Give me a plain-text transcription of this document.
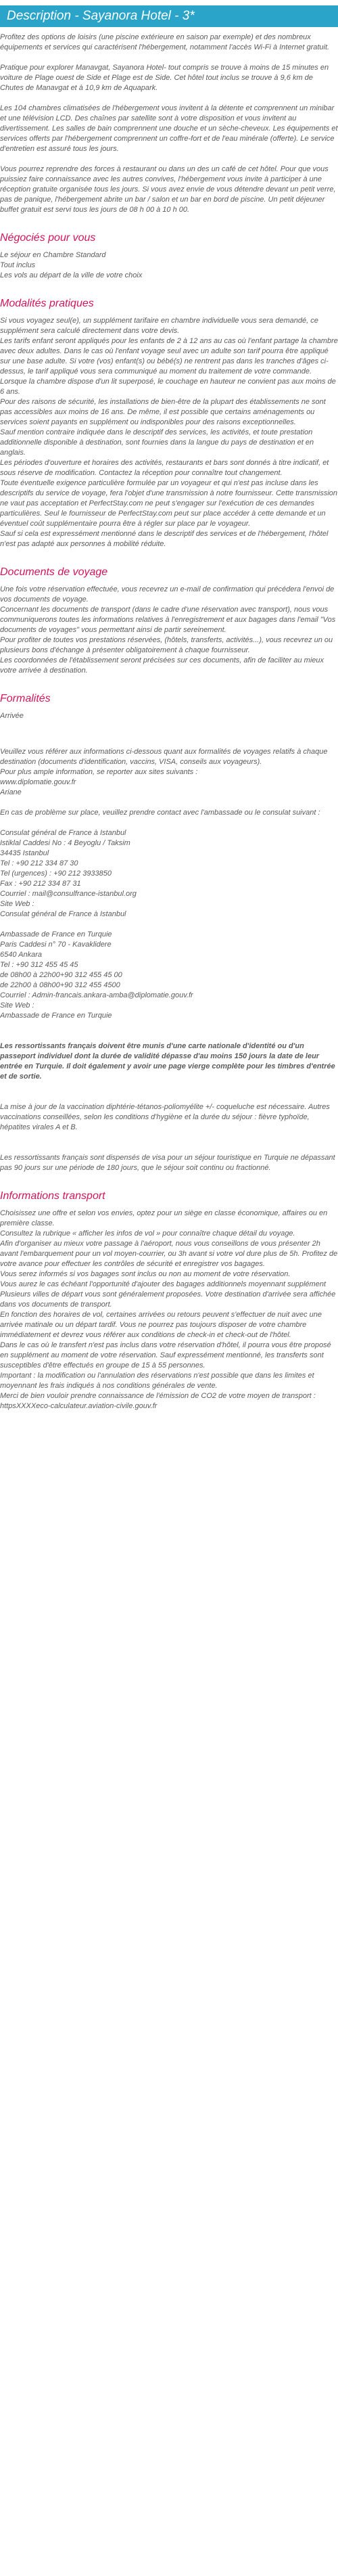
Description - Sayanora Hotel - 3*

Profitez des options de loisirs (une piscine extérieure en saison par exemple) et des nombreux équipements et services qui caractérisent l'hébergement, notamment l'accès Wi-Fi à Internet gratuit.

Pratique pour explorer Manavgat, Sayanora Hotel- tout compris se trouve à moins de 15 minutes en voiture de Plage ouest de Side et Plage est de Side. Cet hôtel tout inclus se trouve à 9,6 km de Chutes de Manavgat et à 10,9 km de Aquapark.

Les 104 chambres climatisées de l'hébergement vous invitent à la détente et comprennent un minibar et une télévision LCD. Des chaînes par satellite sont à votre disposition et vous invitent au divertissement. Les salles de bain comprennent une douche et un sèche-cheveux. Les équipements et services offerts par l'hébergement comprennent un coffre-fort et de l'eau minérale (offerte). Le service d'entretien est assuré tous les jours.

Vous pourrez reprendre des forces à restaurant ou dans un des un café de cet hôtel. Pour que vous puissiez faire connaissance avec les autres convives, l'hébergement vous invite à participer à une réception gratuite organisée tous les jours. Si vous avez envie de vous détendre devant un petit verre, pas de panique, l'hébergement abrite un bar / salon et un bar en bord de piscine. Un petit déjeuner buffet gratuit est servi tous les jours de 08 h 00 à 10 h 00.

Négociés pour vous

Le séjour en Chambre Standard
Tout inclus
Les vols au départ de la ville de votre choix

Modalités pratiques

Si vous voyagez seul(e), un supplément tarifaire en chambre individuelle vous sera demandé, ce supplément sera calculé directement dans votre devis.
Les tarifs enfant seront appliqués pour les enfants de 2 à 12 ans au cas où l'enfant partage la chambre avec deux adultes. Dans le cas où l'enfant voyage seul avec un adulte son tarif pourra être appliqué sur une base adulte. Si votre (vos) enfant(s) ou bébé(s) ne rentrent pas dans les tranches d'âges ci-dessus, le tarif appliqué vous sera communiqué au moment du traitement de votre commande. Lorsque la chambre dispose d'un lit superposé, le couchage en hauteur ne convient pas aux moins de 6 ans.
Pour des raisons de sécurité, les installations de bien-être de la plupart des établissements ne sont pas accessibles aux moins de 16 ans. De même, il est possible que certains aménagements ou services soient payants en supplément ou indisponibles pour des raisons exceptionnelles.
Sauf mention contraire indiquée dans le descriptif des services, les activités, et toute prestation additionnelle disponible à destination, sont fournies dans la langue du pays de destination et en anglais.
Les périodes d'ouverture et horaires des activités, restaurants et bars sont donnés à titre indicatif, et sous réserve de modification. Contactez la réception pour connaître tout changement.
Toute éventuelle exigence particulière formulée par un voyageur et qui n'est pas incluse dans les descriptifs du service de voyage, fera l'objet d'une transmission à notre fournisseur. Cette transmission ne vaut pas acceptation et PerfectStay.com ne peut s'engager sur l'exécution de ces demandes particulières. Seul le fournisseur de PerfectStay.com peut sur place accéder à cette demande et un éventuel coût supplémentaire pourra être à régler sur place par le voyageur.
Sauf si cela est expressément mentionné dans le descriptif des services et de l'hébergement, l'hôtel n'est pas adapté aux personnes à mobilité réduite.

Documents de voyage

Une fois votre réservation effectuée, vous recevrez un e-mail de confirmation qui précédera l'envoi de vos documents de voyage.
Concernant les documents de transport (dans le cadre d'une réservation avec transport), nous vous communiquerons toutes les informations relatives à l'enregistrement et aux bagages dans l'email "Vos documents de voyages" vous permettant ainsi de partir sereinement.
Pour profiter de toutes vos prestations réservées, (hôtels, transferts, activités...), vous recevrez un ou plusieurs bons d'échange à présenter obligatoirement à chaque fournisseur.
Les coordonnées de l'établissement seront précisées sur ces documents, afin de faciliter au mieux votre arrivée à destination.

Formalités

Arrivée

Veuillez vous référer aux informations ci-dessous quant aux formalités de voyages relatifs à chaque destination (documents d'identification, vaccins, VISA, conseils aux voyageurs).
Pour plus ample information, se reporter aux sites suivants :
www.diplomatie.gouv.fr
Ariane

En cas de problème sur place, veuillez prendre contact avec l'ambassade ou le consulat suivant :

Consulat général de France à Istanbul
Istiklal Caddesi No : 4 Beyoglu / Taksim
34435 Istanbul
Tel : +90 212 334 87 30
Tel (urgences) : +90 212 3933850
Fax : +90 212 334 87 31
Courriel : mail@consulfrance-istanbul.org
Site Web :
Consulat général de France à Istanbul

Ambassade de France en Turquie
Paris Caddesi n° 70 - Kavaklidere
6540 Ankara
Tel : +90 312 455 45 45
de 08h00 à 22h00+90 312 455 45 00
de 22h00 à 08h00+90 312 455 4500
Courriel : Admin-francais.ankara-amba@diplomatie.gouv.fr
Site Web :
Ambassade de France en Turquie

Les ressortissants français doivent être munis d'une carte nationale d'identité ou d'un passeport individuel dont la durée de validité dépasse d'au moins 150 jours la date de leur entrée en Turquie. Il doit également y avoir une page vierge complète pour les timbres d'entrée et de sortie.

La mise à jour de la vaccination diphtérie-tétanos-poliomyélite +/- coqueluche est nécessaire. Autres vaccinations conseillées, selon les conditions d'hygiène et la durée du séjour : fièvre typhoïde, hépatites virales A et B.

Les ressortissants français sont dispensés de visa pour un séjour touristique en Turquie ne dépassant pas 90 jours sur une période de 180 jours, que le séjour soit continu ou fractionné.

Informations transport

Choisissez une offre et selon vos envies, optez pour un siège en classe économique, affaires ou en première classe.
Consultez la rubrique « afficher les infos de vol » pour connaître chaque détail du voyage.
Afin d'organiser au mieux votre passage à l'aéroport, nous vous conseillons de vous présenter 2h avant l'embarquement pour un vol moyen-courrier, ou 3h avant si votre vol dure plus de 5h. Profitez de votre avance pour effectuer les contrôles de sécurité et enregistrer vos bagages.
Vous serez informés si vos bagages sont inclus ou non au moment de votre réservation.
Vous aurez le cas échéant l'opportunité d'ajouter des bagages additionnels moyennant supplément
Plusieurs villes de départ vous sont généralement proposées. Votre destination d'arrivée sera affichée dans vos documents de transport.
En fonction des horaires de vol, certaines arrivées ou retours peuvent s'effectuer de nuit avec une arrivée matinale ou un départ tardif. Vous ne pourrez pas toujours disposer de votre chambre immédiatement et devrez vous référer aux conditions de check-in et check-out de l'hôtel.
Dans le cas où le transfert n'est pas inclus dans votre réservation d'hôtel, il pourra vous être proposé en supplément au moment de votre réservation. Sauf expressément mentionné, les transferts sont susceptibles d'être effectués en groupe de 15 à 55 personnes.
Important : la modification ou l'annulation des réservations n'est possible que dans les limites et moyennant les frais indiqués à nos conditions générales de vente.
Merci de bien vouloir prendre connaissance de l'émission de CO2 de votre moyen de transport : httpsXXXXeco-calculateur.aviation-civile.gouv.fr
